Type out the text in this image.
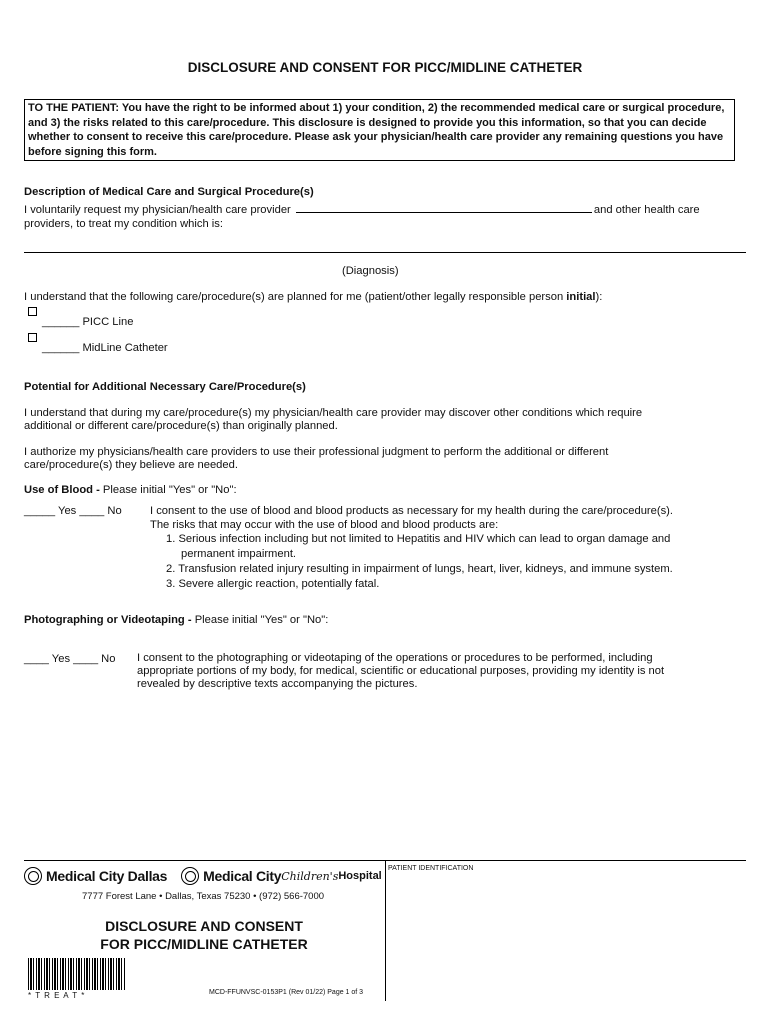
DISCLOSURE AND CONSENT FOR PICC/MIDLINE CATHETER
TO THE PATIENT: You have the right to be informed about 1) your condition, 2) the recommended medical care or surgical procedure, and 3) the risks related to this care/procedure. This disclosure is designed to provide you this information, so that you can decide whether to consent to receive this care/procedure. Please ask your physician/health care provider any remaining questions you have before signing this form.
Description of Medical Care and Surgical Procedure(s)
I voluntarily request my physician/health care provider	and other health care
providers, to treat my condition which is:
(Diagnosis)
I understand that the following care/procedure(s) are planned for me (patient/other legally responsible person initial):
______ PICC Line
______ MidLine Catheter
Potential for Additional Necessary Care/Procedure(s)
I understand that during my care/procedure(s) my physician/health care provider may discover other conditions which require
additional or different care/procedure(s) than originally planned.
I authorize my physicians/health care providers to use their professional judgment to perform the additional or different
care/procedure(s) they believe are needed.
Use of Blood - Please initial "Yes" or "No":
_____ Yes ____ No	I consent to the use of blood and blood products as necessary for my health during the care/procedure(s).
The risks that may occur with the use of blood and blood products are:
1. Serious infection including but not limited to Hepatitis and HIV which can lead to organ damage and
permanent impairment.
2. Transfusion related injury resulting in impairment of lungs, heart, liver, kidneys, and immune system.
3. Severe allergic reaction, potentially fatal.
Photographing or Videotaping - Please initial "Yes" or "No":
____ Yes ____ No I consent to the photographing or videotaping of the operations or procedures to be performed, including
appropriate portions of my body, for medical, scientific or educational purposes, providing my identity is not
revealed by descriptive texts accompanying the pictures.
Medical City Dallas	Medical City Children's Hospital
7777 Forest Lane • Dallas, Texas 75230 • (972) 566-7000
DISCLOSURE AND CONSENT
FOR PICC/MIDLINE CATHETER
* T R E A T *	MCD-FFUNVSC-0153P1 (Rev 01/22) Page 1 of 3
PATIENT IDENTIFICATION
